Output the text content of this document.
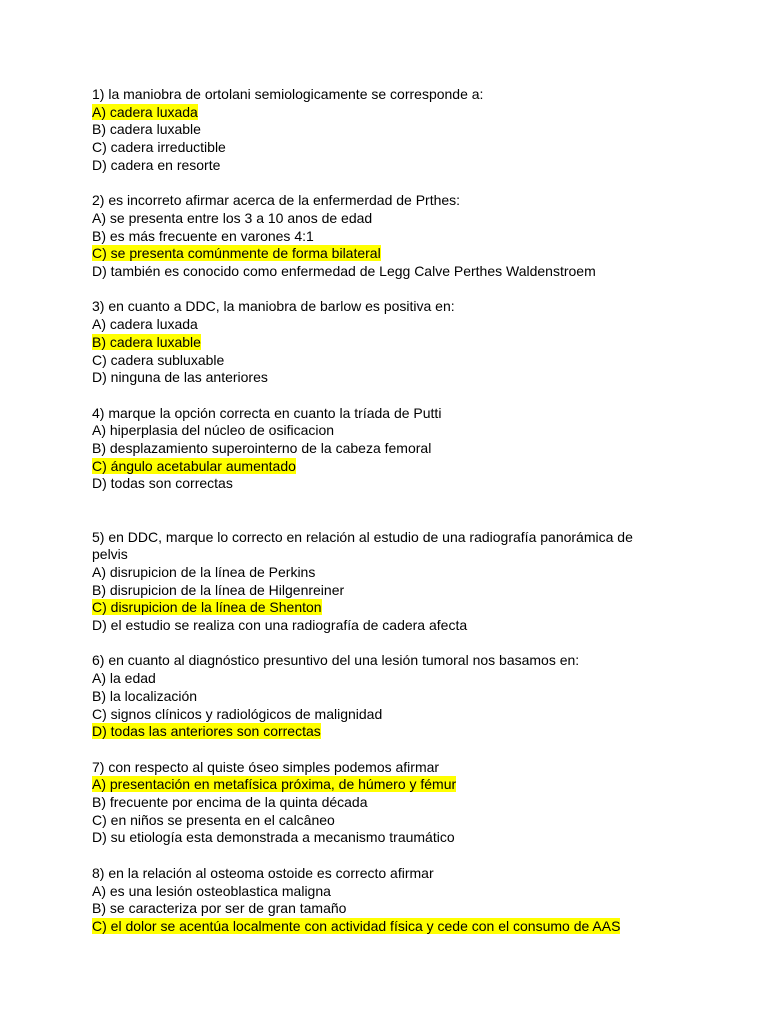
1) la maniobra de ortolani semiologicamente se corresponde a:
A) cadera luxada
B) cadera luxable
C) cadera irreductible
D) cadera en resorte
2) es incorreto afirmar acerca de la enfermerdad de Prthes:
A) se presenta entre los 3 a 10 anos de edad
B) es más frecuente en varones 4:1
C) se presenta comúnmente de forma bilateral
D) también es conocido como enfermedad de Legg Calve Perthes Waldenstroem
3) en cuanto a DDC, la maniobra de barlow es positiva en:
A) cadera luxada
B) cadera luxable
C) cadera subluxable
D) ninguna de las anteriores
4) marque la opción correcta en cuanto la tríada de Putti
A) hiperplasia del núcleo de osificacion
B) desplazamiento superointerno de la cabeza femoral
C) ángulo acetabular aumentado
D) todas son correctas
5) en DDC, marque lo correcto en relación al estudio de una radiografía panorámica de pelvis
A) disrupicion de la línea de Perkins
B) disrupicion de la línea de Hilgenreiner
C) disrupicion de la línea de Shenton
D) el estudio se realiza con una radiografía de cadera afecta
6) en cuanto al diagnóstico presuntivo del una lesión tumoral nos basamos en:
A) la edad
B) la localización
C) signos clínicos y radiológicos de malignidad
D) todas las anteriores son correctas
7) con respecto al quiste óseo simples podemos afirmar
A) presentación en metafísica próxima, de húmero y fémur
B) frecuente por encima de la quinta década
C) en niños se presenta en el calcâneo
D) su etiología esta demonstrada a mecanismo traumático
8) en la relación al osteoma ostoide es correcto afirmar
A) es una lesión osteoblastica maligna
B) se caracteriza por ser de gran tamaño
C) el dolor se acentúa localmente con actividad física y cede con el consumo de AAS
